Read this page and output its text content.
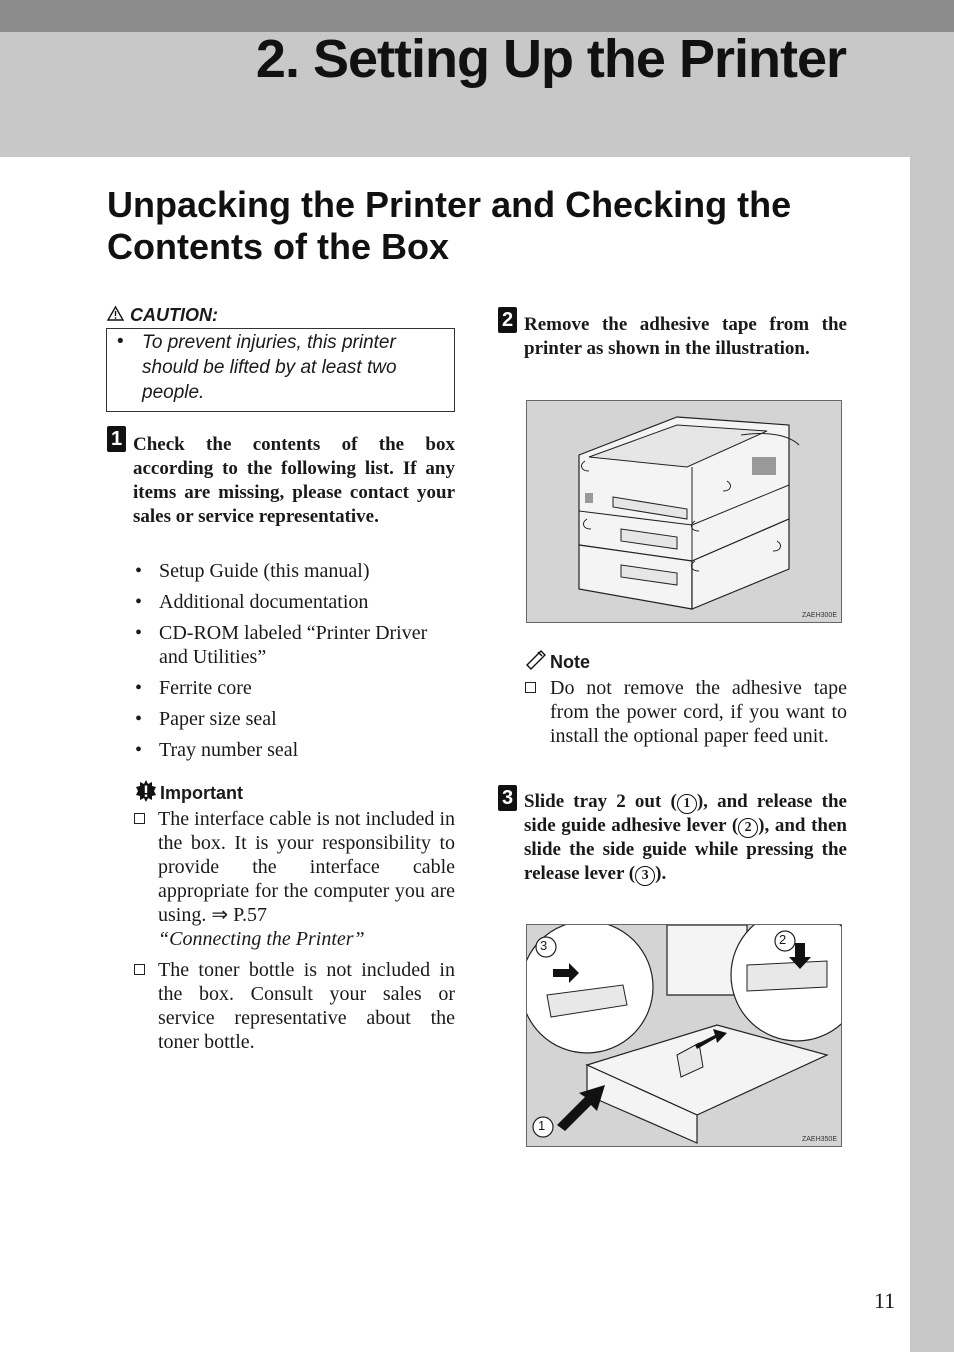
2. Setting Up the Printer
Unpacking the Printer and Checking the Contents of the Box
CAUTION:
• To prevent injuries, this printer should be lifted by at least two people.

1 Check the contents of the box according to the following list. If any items are missing, please contact your sales or service representative.

• Setup Guide (this manual)
• Additional documentation
• CD-ROM labeled “Printer Driver and Utilities”
• Ferrite core
• Paper size seal
• Tray number seal
Important
The interface cable is not included in the box. It is your responsibility to provide the interface cable appropriate for the computer you are using. ⇒ P.57
“Connecting the Printer”
The toner bottle is not included in the box. Consult your sales or service representative about the toner bottle.
2 Remove the adhesive tape from the printer as shown in the illustration.

ZAEH300E
Note
Do not remove the adhesive tape from the power cord, if you want to install the optional paper feed unit.
3 Slide tray 2 out ( 1 ), and release the side guide adhesive lever ( 2 ), and then slide the side guide while pressing the release lever ( 3 ).

3	2
1
ZAEH350E
11
